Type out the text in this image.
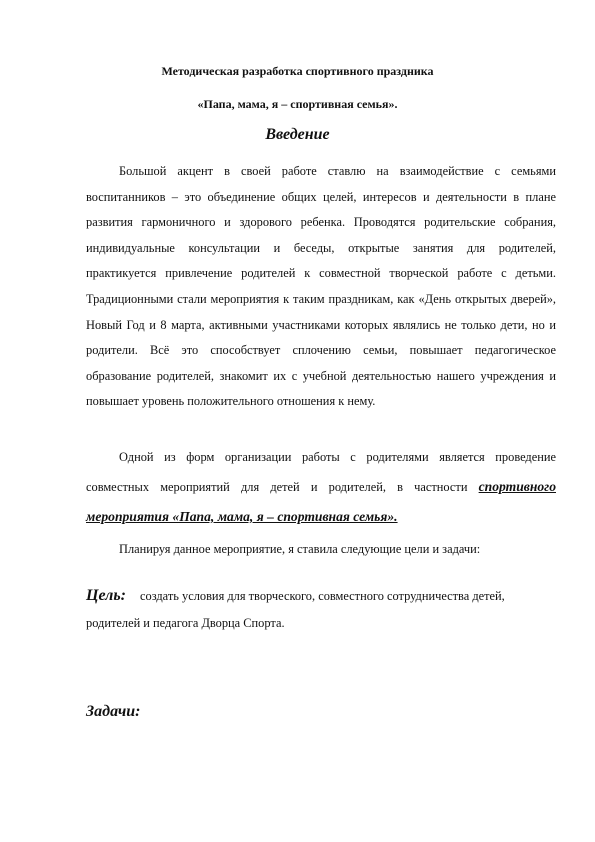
Методическая разработка спортивного праздника

«Папа, мама, я – спортивная семья».

Введение

Большой акцент в своей работе ставлю на взаимодействие с семьями воспитанников – это объединение общих целей, интересов и деятельности в плане развития гармоничного и здорового ребенка. Проводятся родительские собрания, индивидуальные консультации и беседы, открытые занятия для родителей, практикуется привлечение родителей к совместной творческой работе с детьми. Традиционными стали мероприятия к таким праздникам, как «День открытых дверей», Новый Год и 8 марта, активными участниками которых являлись не только дети, но и родители. Всё это способствует сплочению семьи, повышает педагогическое образование родителей, знакомит их с учебной деятельностью нашего учреждения и повышает уровень положительного отношения к нему.

Одной из форм организации работы с родителями является проведение совместных мероприятий для детей и родителей, в частности спортивного мероприятия «Папа, мама, я – спортивная семья».

Планируя данное мероприятие, я ставила следующие цели и задачи:

Цель: создать условия для творческого, совместного сотрудничества детей, родителей и педагога Дворца Спорта.

Задачи:
